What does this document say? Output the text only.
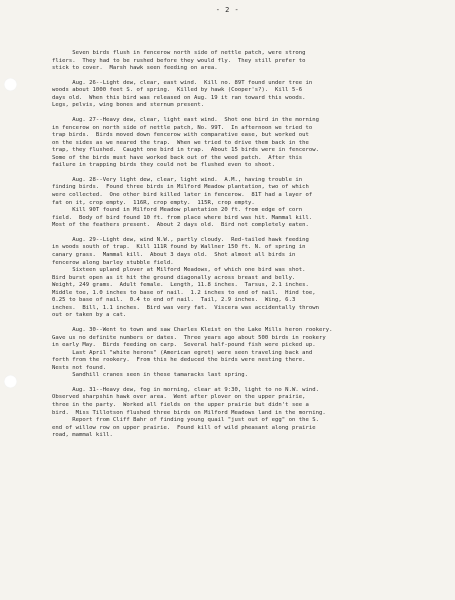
- 2 -
Seven birds flush in fencerow north side of nettle patch, were strong
fliers.  They had to be rushed before they would fly.  They still prefer to
stick to cover.  Marsh hawk seen feeding on area.
Aug. 26--Light dew, clear, east wind.  Kill no. 89T found under tree in
woods about 1000 feet S. of spring.  Killed by hawk (Cooper's?).  Kill 5-6
days old.  When this bird was released on Aug. 19 it ran toward this woods.
Legs, pelvis, wing bones and sternum present.
Aug. 27--Heavy dew, clear, light east wind.  Shot one bird in the morning
in fencerow on north side of nettle patch, No. 99T.  In afternoon we tried to
trap birds.  Birds moved down fencerow with comparative ease, but worked out
on the sides as we neared the trap.  When we tried to drive them back in the
trap, they flushed.  Caught one bird in trap.  About 15 birds were in fencerow.
Some of the birds must have worked back out of the weed patch.  After this
failure in trapping birds they could not be flushed even to shoot.
Aug. 28--Very light dew, clear, light wind.  A.M., having trouble in
finding birds.  Found three birds in Milford Meadow plantation, two of which
were collected.  One other bird killed later in fencerow.  81T had a layer of
fat on it, crop empty.  116R, crop empty.  115R, crop empty.
Kill 90T found in Milford Meadow plantation 20 ft. from edge of corn
field.  Body of bird found 10 ft. from place where bird was hit. Mammal kill.
Most of the feathers present.  About 2 days old.  Bird not completely eaten.
Aug. 29--Light dew, wind N.W., partly cloudy.  Red-tailed hawk feeding
in woods south of trap.  Kill 111R found by Wallner 150 ft. N. of spring in
canary grass.  Mammal kill.  About 3 days old.  Shot almost all birds in
fencerow along barley stubble field.
Sixteen upland plover at Milford Meadows, of which one bird was shot.
Bird burst open as it hit the ground diagonally across breast and belly.
Weight, 249 grams.  Adult female.  Length, 11.8 inches.  Tarsus, 2.1 inches.
Middle toe, 1.0 inches to base of nail.  1.2 inches to end of nail.  Hind toe,
0.25 to base of nail.  0.4 to end of nail.  Tail, 2.9 inches.  Wing, 6.3
inches.  Bill, 1.1 inches.  Bird was very fat.  Viscera was accidentally thrown
out or taken by a cat.
Aug. 30--Went to town and saw Charles Kleist on the Lake Mills heron rookery.
Gave us no definite numbers or dates.  Three years ago about 500 birds in rookery
in early May.  Birds feeding on carp.  Several half-pound fish were picked up.
Last April "white herons" (American egret) were seen traveling back and
forth from the rookery.  From this he deduced the birds were nesting there.
Nests not found.
Sandhill cranes seen in these tamaracks last spring.
Aug. 31--Heavy dew, fog in morning, clear at 9:30, light to no N.W. wind.
Observed sharpshin hawk over area.  Went after plover on the upper prairie,
three in the party.  Worked all fields on the upper prairie but didn't see a
bird.  Miss Tillotson flushed three birds on Milford Meadows land in the morning.
Report from Cliff Bahr of finding young quail "just out of egg" on the S.
end of willow row on upper prairie.  Found kill of wild pheasant along prairie
road, mammal kill.
